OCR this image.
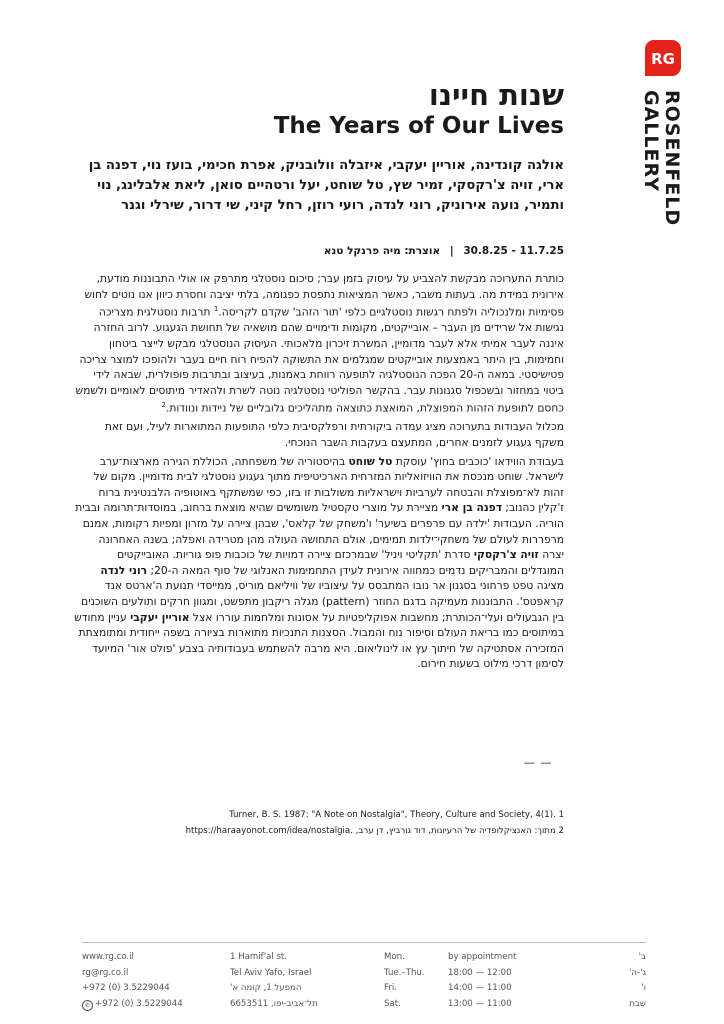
RG
ROSENFELD
GALLERY
שנות חיינו
The Years of Our Lives
אולגה קונדינה, אוריין יעקבי, איזבלה וולובניק, אפרת חכימי, בועז נוי, דפנה בן ארי, זויה צ'רקסקי, זמיר שץ, טל שוחט, יעל ורטהיים סואן, ליאת אלבלינג, נוי ותמיר, נועה אירוניק, רוני לנדה, רועי רוזן, רחל קיני, שי דרור, שירלי וגנר
30.8.25 - 11.7.25 | אוצרת: מיה פרנקל טנא

כותרת התערוכה מבקשת להצביע על עיסוק בזמן עבר; סיכום נוסטלגי מתרפק או אולי התבוננות מודעת, אירונית במידת מה. בעתות משבר, כאשר המציאות נתפסת כפגומה, בלתי יציבה וחסרת כיוון אנו נוטים לחוש פסימיות ומלנכוליה ולפתח רגשות נוסטלגיים כלפי 'תור הזהב' שקדם לקריסה.$^1$ תרבות נוסטלגית מצריכה נגישות אל שרידים מן העבר – אובייקטים, מקומות ודימויים שהם מושאיה של תחושת הגעגוע. לרוב החזרה איננה לעבר אמיתי אלא לעבר מדומיין, המשרת זיכרון מלאכותי. העיסוק הנוסטלגי מבקש לייצר ביטחון וחמימות, בין היתר באמצעות אובייקטים שמגלמים את התשוקה להפיח רוח חיים בעבר ולהופכו למוצר צריכה פטישיסטי. במאה ה-20 הפכה הנוסטלגיה לתופעה רווחת באמנות, בעיצוב ובתרבות פופולרית, שבאה לידי ביטוי במחזור ובשכפול סגנונות עבר. בהקשר הפוליטי נוסטלגיה נוטה לשרת ולהאדיר מיתוסים לאומיים ולשמש כחסם לתופעת הזהות המפוצלת, המואצת כתוצאה מתהליכים גלובליים של ניידות ונוודות.$^2$

מכלול העבודות בתערוכה מציג עמדה ביקורתית ורפלקסיבית כלפי התופעות המתוארות לעיל, ועם זאת משקף געגוע לזמנים אחרים, המתעצם בעקבות השבר הנוכחי.

בעבודת הווידאו 'כוכבים בחוץ' עוסקת טל שוחט בהיסטוריה של משפחתה, הכוללת הגירה מארצות־ערב לישראל. שוחט מנכסת את הוויזואליות המזרחית הארכיטיפית מתוך געגוע נוסטלגי לבית מדומיין. מקום של זהות לא־מפוצלת והבטחה לערביות וישראליות משולבות זו בזו, כפי שמשתקף באוטופיה הלבנטינית ברוח ז'קלין כהנוב; דפנה בן ארי מציירת על מוצרי טקסטיל משומשים שהיא מוצאת ברחוב, במוסדות־תרומה ובבית הוריה. העבודות 'ילדה עם פרפרים בשיער' ו'משחק של קלאס', שבהן ציירה על מזרון ומפיות רקומות, אמנם מרפררות לעולם של משחקי־ילדות תמימים, אולם התחושה העולה מהן מטרידה ואפלה; בשנה האחרונה יצרה זויה צ'רקסקי סדרת 'תקליטי ויניל' שבמרכזם ציירה דמויות של כוכבות פופ גוריות. האובייקטים המוגדלים והמבריקים נדמים כמחווה אירונית לעידן התחמימות האנלוגי של סוף המאה ה-20; רוני לנדה מציגה טפט פרחוני בסגנון אר נובו המתבסס על עיצוביו של וויליאם מוריס, ממייסדי תנועת ה'ארטס אנד קראפטס'. התבוננות מעמיקה בדגם החוזר (pattern) מגלה ריקבון מתפשט, ומגוון חרקים ותולעים השוכנים בין הגבעולים ועלי־הכותרת; מחשבות אפוקליפטיות על אסונות ומלחמות עוררו אצל אוריין יעקבי עניין מחודש במיתוסים כמו בריאת העולם וסיפור נוח והמבול. הסצנות התנכיות מתוארות בציורה בשפה ייחודית ומתומצתת המזכירה אסתטיקה של חיתוך עץ או לינוליאום. היא מרבה להשתמש בעבודותיה בצבע 'פולט אור' המיועד לסימון דרכי מילוט בשעות חירום.

— —
1 Turner, B. S. 1987: "A Note on Nostalgia", Theory, Culture and Society, 4(1).
2 מתוך: האנציקלופדיה של הרעיונות, דוד גורביץ, דן ערב, https://haraayonot.com/idea/nostalgia.
www.rg.co.il
rg@rg.co.il
+972 (0) 3.5229044
✆ +972 (0) 3.5229044
1 Hamif'al st.
Tel Aviv Yafo, Israel
המפעל 1, קומה א'
תל־אביב-יפו, 6653511
Mon.	by appointment	ב'
Tue.–Thu.	18:00 — 12:00	ג'-ה'
Fri.	14:00 — 11:00	ו'
Sat.	13:00 — 11:00	שבת
